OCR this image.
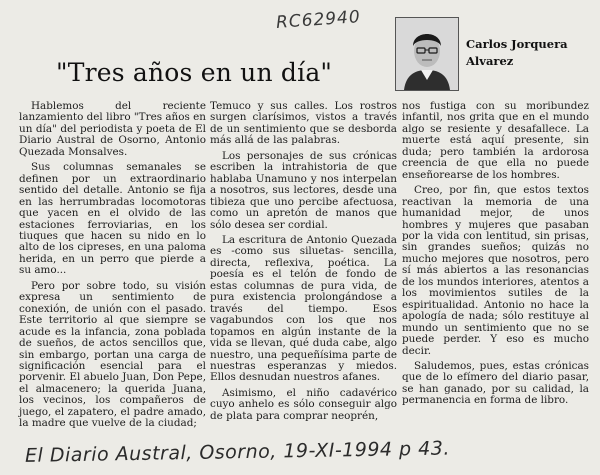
RC62940
"Tres años en un día"
Carlos Jorquera
Alvarez

Hablemos del reciente lanzamiento del libro "Tres años en un día" del periodista y poeta de El Diario Austral de Osorno, Antonio Quezada Monsalves.

Sus columnas semanales se definen por un extraordinario sentido del detalle. Antonio se fija en las herrumbradas locomotoras que yacen en el olvido de las estaciones ferroviarias, en los tiuques que hacen su nido en lo alto de los cipreses, en una paloma herida, en un perro que pierde a su amo...

Pero por sobre todo, su visión expresa un sentimiento de conexión, de unión con el pasado. Este territorio al que siempre se acude es la infancia, zona poblada de sueños, de actos sencillos que, sin embargo, portan una carga de significación esencial para el porvenir. El abuelo Juan, Don Pepe, el almacenero; la querida Juana, los vecinos, los compañeros de juego, el zapatero, el padre amado, la madre que vuelve de la ciudad;

Temuco y sus calles. Los rostros surgen clarísimos, vistos a través de un sentimiento que se desborda más allá de las palabras.

Los personajes de sus crónicas escriben la intrahistoria de que hablaba Unamuno y nos interpelan a nosotros, sus lectores, desde una tibieza que uno percibe afectuosa, como un apretón de manos que sólo desea ser cordial.

La escritura de Antonio Quezada es -como sus siluetas- sencilla, directa, reflexiva, poética. La poesía es el telón de fondo de estas columnas de pura vida, de pura existencia prolongándose a través del tiempo. Esos vagabundos con los que nos topamos en algún instante de la vida se llevan, qué duda cabe, algo nuestro, una pequeñísima parte de nuestras esperanzas y miedos. Ellos desnudan nuestros afanes.

Asimismo, el niño cadavérico cuyo anhelo es sólo conseguir algo de plata para comprar neoprén,

nos fustiga con su moribundez infantil, nos grita que en el mundo algo se resiente y desafallece. La muerte está aquí presente, sin duda; pero también la ardorosa creencia de que ella no puede enseñorearse de los hombres.

Creo, por fin, que estos textos reactivan la memoria de una humanidad mejor, de unos hombres y mujeres que pasaban por la vida con lentitud, sin prisas, sin grandes sueños; quizás no mucho mejores que nosotros, pero sí más abiertos a las resonancias de los mundos interiores, atentos a los movimientos sutiles de la espiritualidad. Antonio no hace la apología de nada; sólo restituye al mundo un sentimiento que no se puede perder. Y eso es mucho decir.

Saludemos, pues, estas crónicas que de lo efímero del diario pasar, se han ganado, por su calidad, la permanencia en forma de libro.

El Diario Austral, Osorno, 19-XI-1994 p 43.
